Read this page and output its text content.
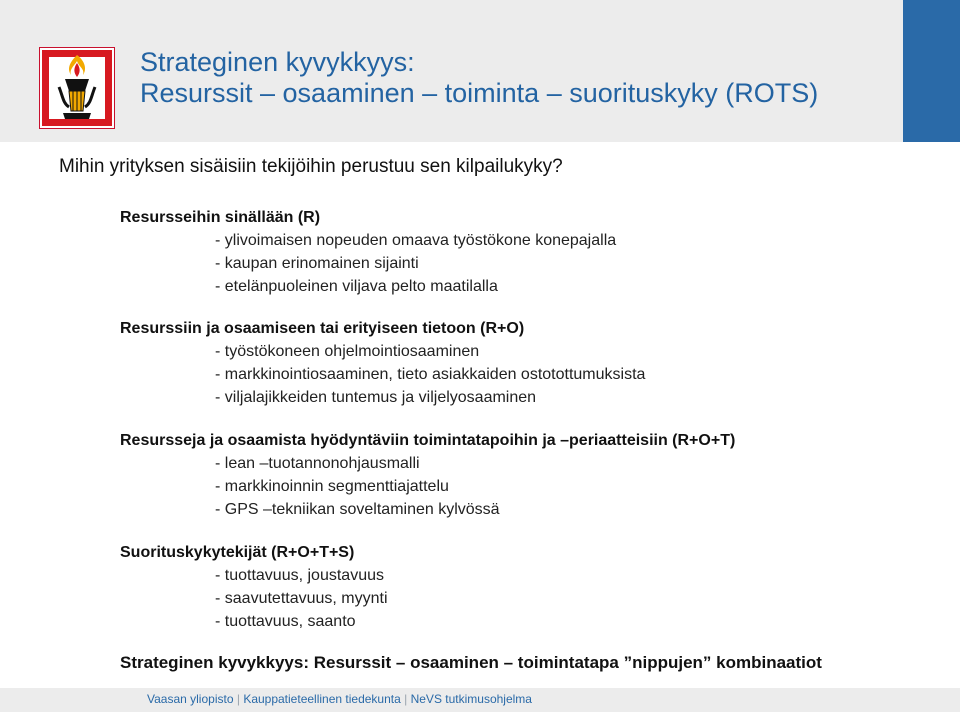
Strateginen kyvykkyys:
Resurssit – osaaminen – toiminta – suorituskyky (ROTS)
Mihin yrityksen sisäisiin tekijöihin perustuu sen kilpailukyky?
Resursseihin sinällään (R)
- ylivoimaisen nopeuden omaava työstökone konepajalla
- kaupan erinomainen sijainti
- etelänpuoleinen viljava pelto maatilalla
Resurssiin ja osaamiseen tai erityiseen tietoon (R+O)
- työstökoneen ohjelmointiosaaminen
- markkinointiosaaminen, tieto asiakkaiden ostotottumuksista
- viljalajikkeiden tuntemus ja viljelyosaaminen
Resursseja ja osaamista hyödyntäviin toimintatapoihin ja –periaatteisiin (R+O+T)
- lean –tuotannonohjausmalli
- markkinoinnin segmenttiajattelu
- GPS –tekniikan soveltaminen kylvössä
Suorituskykytekijät (R+O+T+S)
- tuottavuus, joustavuus
- saavutettavuus, myynti
- tuottavuus, saanto
Strateginen kyvykkyys: Resurssit – osaaminen – toimintatapa ”nippujen” kombinaatiot
Vaasan yliopisto | Kauppatieteellinen tiedekunta | NeVS tutkimusohjelma
